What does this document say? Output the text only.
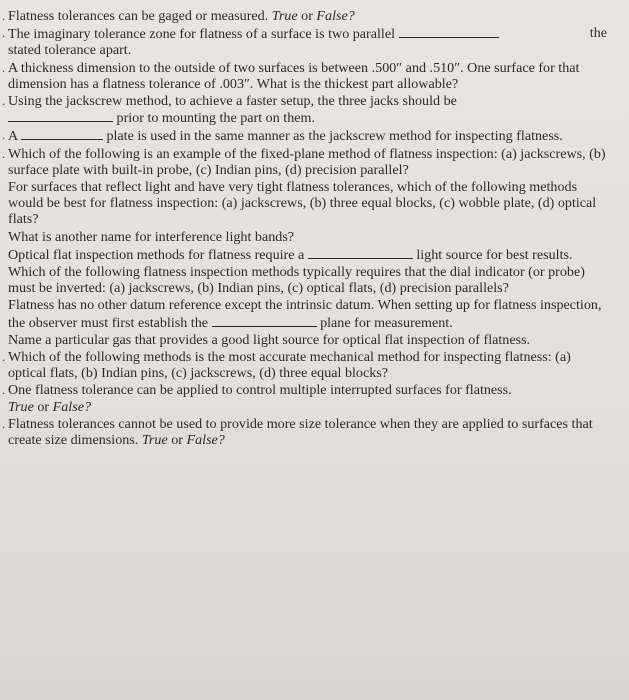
. Flatness tolerances can be gaged or measured. True or False?
. The imaginary tolerance zone for flatness of a surface is two parallel	the

stated tolerance apart.
. A thickness dimension to the outside of two surfaces is between .500″ and .510″. One surface for that dimension has a flatness tolerance of .003″. What is the thickest part allowable?
. Using the jackscrew method, to achieve a faster setup, the three jacks should be
prior to mounting the part on them.
. A	plate is used in the same manner as the jackscrew method for inspecting flatness.
. Which of the following is an example of the fixed-plane method of flatness inspection: (a) jackscrews, (b) surface plate with built-in probe, (c) Indian pins, (d) precision parallel?
For surfaces that reflect light and have very tight flatness tolerances, which of the following methods would be best for flatness inspection: (a) jackscrews, (b) three equal blocks, (c) wobble plate, (d) optical flats?
What is another name for interference light bands?
Optical flat inspection methods for flatness require a	light source for best results.
Which of the following flatness inspection methods typically requires that the dial indicator (or probe) must be inverted: (a) jackscrews, (b) Indian pins, (c) optical flats, (d) precision parallels?
Flatness has no other datum reference except the intrinsic datum. When setting up for flatness inspection, the observer must first establish the	plane for measurement.
Name a particular gas that provides a good light source for optical flat inspection of flatness.
. Which of the following methods is the most accurate mechanical method for inspecting flatness: (a) optical flats, (b) Indian pins, (c) jackscrews, (d) three equal blocks?
. One flatness tolerance can be applied to control multiple interrupted surfaces for flatness.
True or False?
. Flatness tolerances cannot be used to provide more size tolerance when they are applied to surfaces that create size dimensions. True or False?
